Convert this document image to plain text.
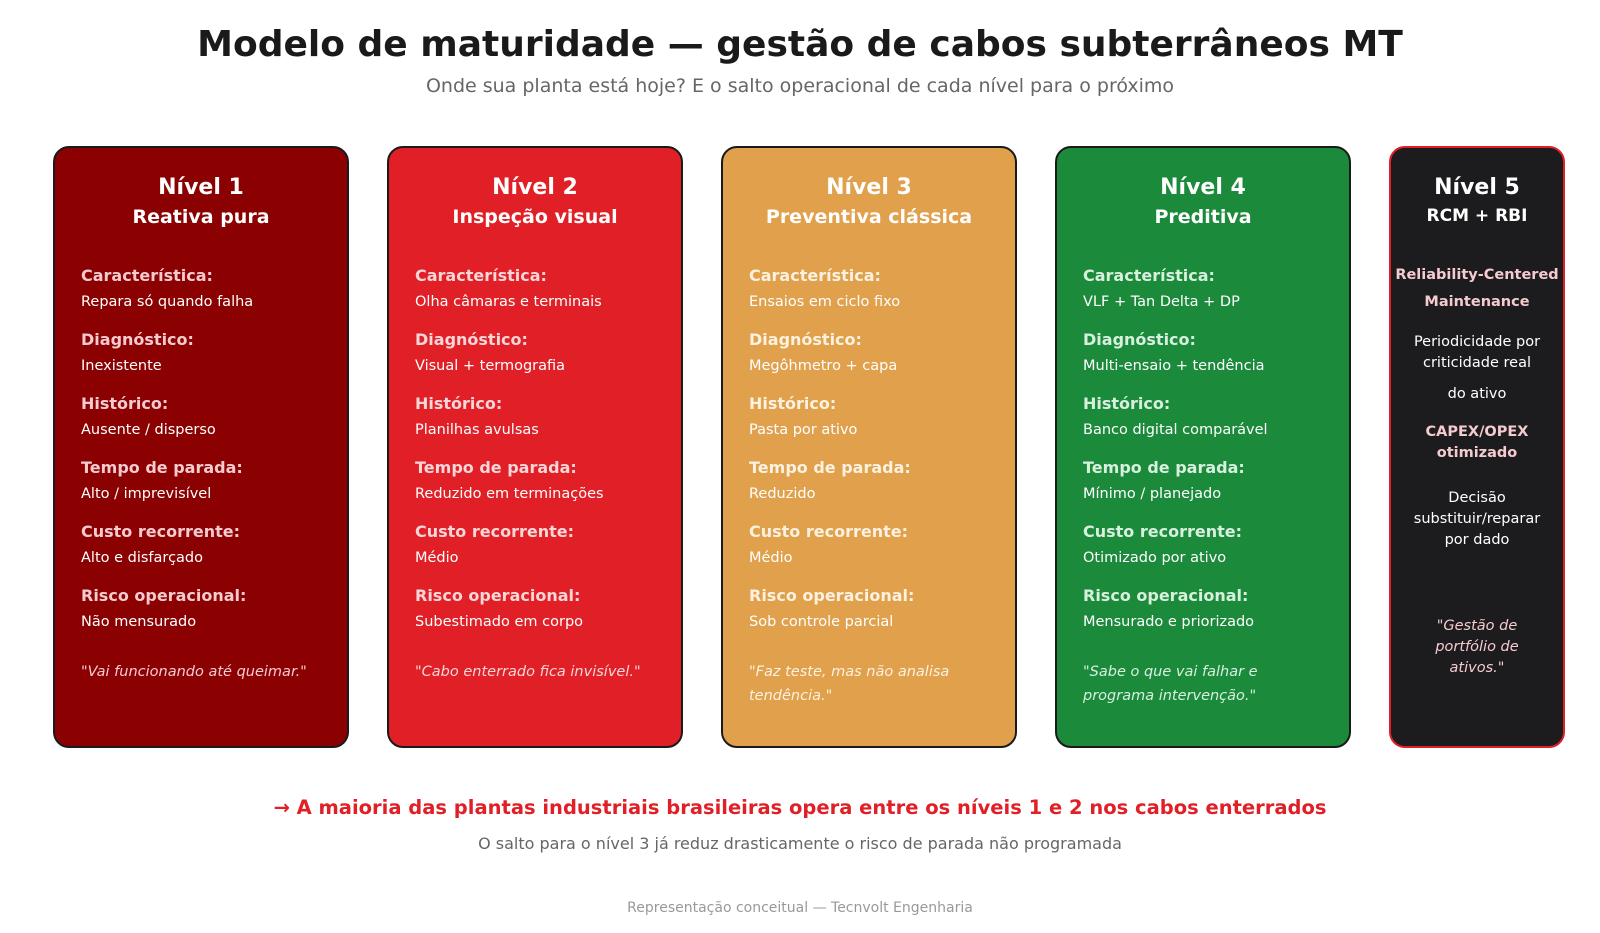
Modelo de maturidade — gestão de cabos subterrâneos MT
Onde sua planta está hoje? E o salto operacional de cada nível para o próximo
Nível 1
Reativa pura
Característica:
Repara só quando falha
Diagnóstico:
Inexistente
Histórico:
Ausente / disperso
Tempo de parada:
Alto / imprevisível
Custo recorrente:
Alto e disfarçado
Risco operacional:
Não mensurado
"Vai funcionando até queimar."
Nível 2
Inspeção visual
Característica:
Olha câmaras e terminais
Diagnóstico:
Visual + termografia
Histórico:
Planilhas avulsas
Tempo de parada:
Reduzido em terminações
Custo recorrente:
Médio
Risco operacional:
Subestimado em corpo
"Cabo enterrado fica invisível."
Nível 3
Preventiva clássica
Característica:
Ensaios em ciclo fixo
Diagnóstico:
Megôhmetro + capa
Histórico:
Pasta por ativo
Tempo de parada:
Reduzido
Custo recorrente:
Médio
Risco operacional:
Sob controle parcial
"Faz teste, mas não analisa tendência."
Nível 4
Preditiva
Característica:
VLF + Tan Delta + DP
Diagnóstico:
Multi-ensaio + tendência
Histórico:
Banco digital comparável
Tempo de parada:
Mínimo / planejado
Custo recorrente:
Otimizado por ativo
Risco operacional:
Mensurado e priorizado
"Sabe o que vai falhar e programa intervenção."
Nível 5
RCM + RBI
Reliability-Centered
Maintenance
Periodicidade por
criticidade real
do ativo
CAPEX/OPEX
otimizado
Decisão
substituir/reparar
por dado
"Gestão de
portfólio de
ativos."
→ A maioria das plantas industriais brasileiras opera entre os níveis 1 e 2 nos cabos enterrados
O salto para o nível 3 já reduz drasticamente o risco de parada não programada
Representação conceitual — Tecnvolt Engenharia
